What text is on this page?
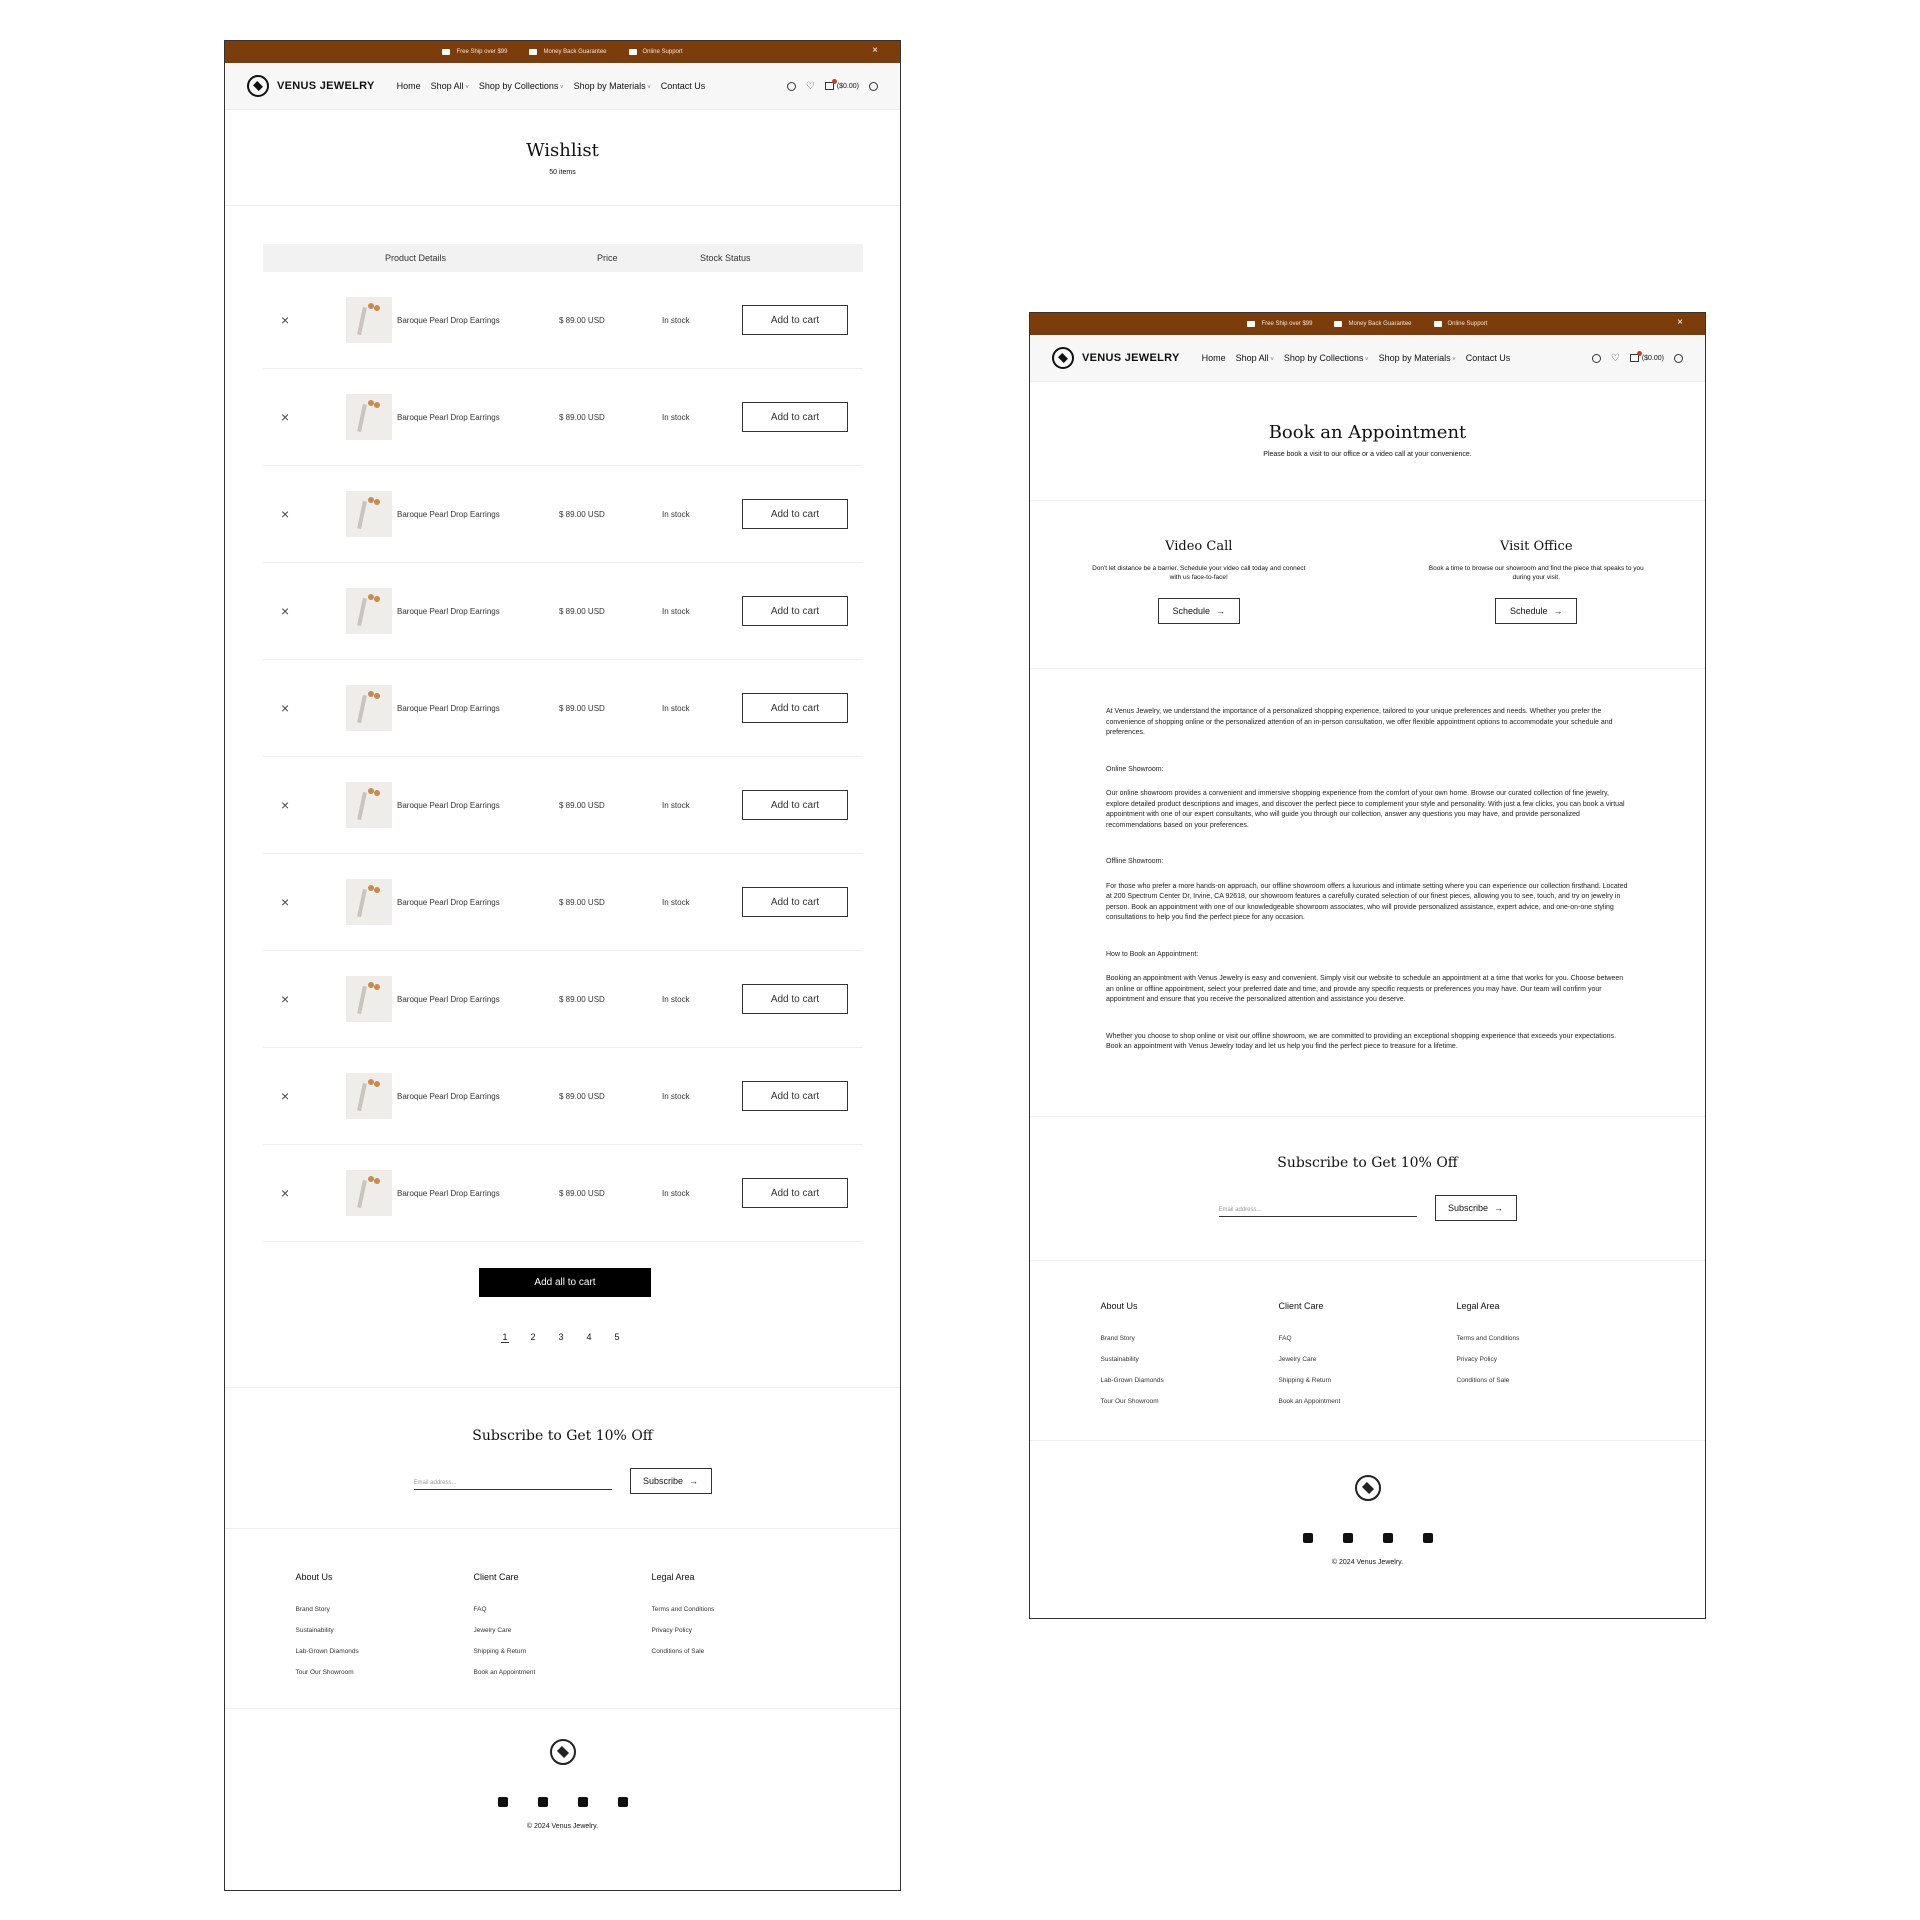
Free Ship over $99	Money Back Guarantee	Online Support	×
VENUS JEWELRY Home Shop All ˅	Shop by Collections ˅	Shop by Materials ˅	Contact Us	♡	($0.00)
Wishlist

50 items

Product Details	Price	Stock Status
×	Baroque Pearl Drop Earrings	$ 89.00 USD	In stock	Add to cart
×	Baroque Pearl Drop Earrings	$ 89.00 USD	In stock	Add to cart
×	Baroque Pearl Drop Earrings	$ 89.00 USD	In stock	Add to cart
×	Baroque Pearl Drop Earrings	$ 89.00 USD	In stock	Add to cart
×	Baroque Pearl Drop Earrings	$ 89.00 USD	In stock	Add to cart
×	Baroque Pearl Drop Earrings	$ 89.00 USD	In stock	Add to cart
×	Baroque Pearl Drop Earrings	$ 89.00 USD	In stock	Add to cart
×	Baroque Pearl Drop Earrings	$ 89.00 USD	In stock	Add to cart
×	Baroque Pearl Drop Earrings	$ 89.00 USD	In stock	Add to cart
×	Baroque Pearl Drop Earrings	$ 89.00 USD	In stock	Add to cart
Add all to cart
1	2	3	4	5
Subscribe to Get 10% Off
Email address...	Subscribe →
About Us
Brand Story
Sustainability
Lab-Grown Diamonds
Tour Our Showroom
Client Care
FAQ
Jewelry Care
Shipping & Return
Book an Appointment
Legal Area
Terms and Conditions
Privacy Policy
Conditions of Sale
© 2024 Venus Jewelry.
Free Ship over $99	Money Back Guarantee	Online Support	×
VENUS JEWELRY Home Shop All ˅	Shop by Collections ˅	Shop by Materials ˅	Contact Us	♡	($0.00)
Book an Appointment

Please book a visit to our office or a video call at your convenience.

Video Call

Don't let distance be a barrier. Schedule your video call today and connect with us face-to-face!

Schedule →
Visit Office

Book a time to browse our showroom and find the piece that speaks to you during your visit.

Schedule →

At Venus Jewelry, we understand the importance of a personalized shopping experience, tailored to your unique preferences and needs. Whether you prefer the convenience of shopping online or the personalized attention of an in-person consultation, we offer flexible appointment options to accommodate your schedule and preferences.

Online Showroom:

Our online showroom provides a convenient and immersive shopping experience from the comfort of your own home. Browse our curated collection of fine jewelry, explore detailed product descriptions and images, and discover the perfect piece to complement your style and personality. With just a few clicks, you can book a virtual appointment with one of our expert consultants, who will guide you through our collection, answer any questions you may have, and provide personalized recommendations based on your preferences.

Offline Showroom:

For those who prefer a more hands-on approach, our offline showroom offers a luxurious and intimate setting where you can experience our collection firsthand. Located at 200 Spectrum Center Dr, Irvine, CA 92618, our showroom features a carefully curated selection of our finest pieces, allowing you to see, touch, and try on jewelry in person. Book an appointment with one of our knowledgeable showroom associates, who will provide personalized assistance, expert advice, and one-on-one styling consultations to help you find the perfect piece for any occasion.

How to Book an Appointment:

Booking an appointment with Venus Jewelry is easy and convenient. Simply visit our website to schedule an appointment at a time that works for you. Choose between an online or offline appointment, select your preferred date and time, and provide any specific requests or preferences you may have. Our team will confirm your appointment and ensure that you receive the personalized attention and assistance you deserve.

Whether you choose to shop online or visit our offline showroom, we are committed to providing an exceptional shopping experience that exceeds your expectations. Book an appointment with Venus Jewelry today and let us help you find the perfect piece to treasure for a lifetime.

Subscribe to Get 10% Off
Email address...	Subscribe →
About Us
Brand Story
Sustainability
Lab-Grown Diamonds
Tour Our Showroom
Client Care
FAQ
Jewelry Care
Shipping & Return
Book an Appointment
Legal Area
Terms and Conditions
Privacy Policy
Conditions of Sale
© 2024 Venus Jewelry.
